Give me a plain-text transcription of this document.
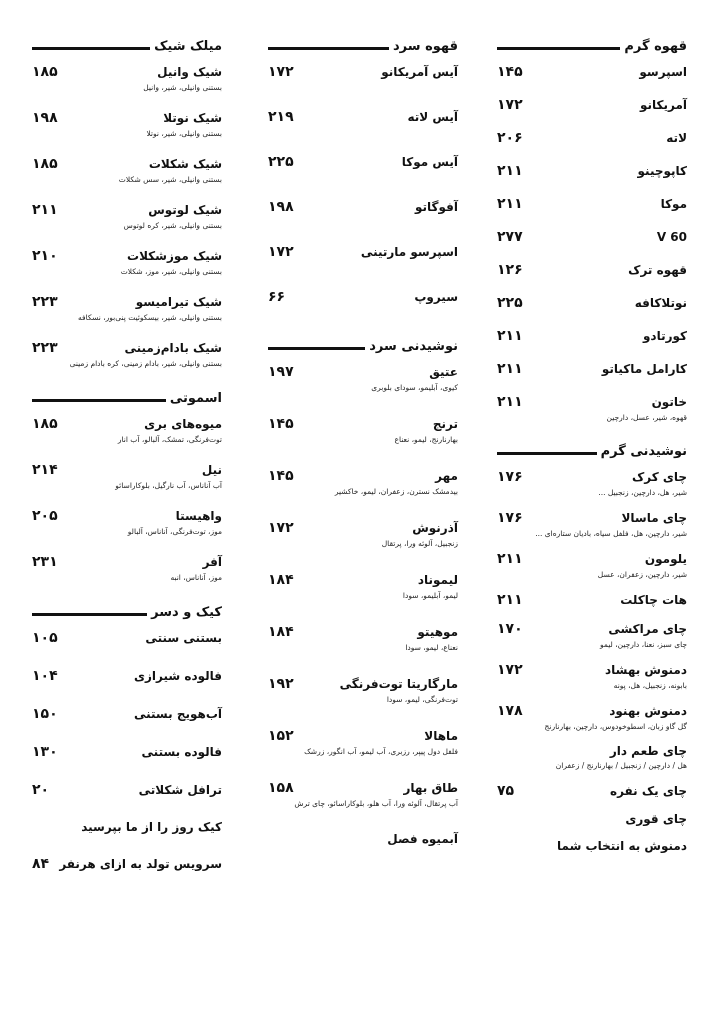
قهوه گرم
اسپرسو
۱۴۵
آمریکانو
۱۷۲
لاته
۲۰۶
کاپوچینو
۲۱۱
موکا
۲۱۱
V 60
۲۷۷
قهوه ترک
۱۲۶
نوتلاکافه
۲۲۵
کورتادو
۲۱۱
کارامل ماکیاتو
۲۱۱
خاتون
۲۱۱
قهوه، شیر، عسل، دارچین
نوشیدنی گرم
چای کرک
۱۷۶
شیر، هل، دارچین، زنجبیل ...
چای ماسالا
۱۷۶
شیر، دارچین، هل، فلفل سیاه، بادیان ستاره‌ای ...
یلومون
۲۱۱
شیر، دارچین، زعفران، عسل
هات چاکلت
۲۱۱
چای مراکشی
۱۷۰
چای سبز، نعنا، دارچین، لیمو
دمنوش بهشاد
۱۷۲
بابونه، زنجبیل، هل، پونه
دمنوش بهنود
۱۷۸
گل گاو زبان، اسطوخودوس، دارچین، بهارنارنج
چای طعم دار
هل / دارچین / زنجبیل / بهارنارنج / زعفران
چای یک نفره
۷۵
چای قوری
دمنوش به انتخاب شما
قهوه سرد
آیس آمریکانو
۱۷۲
آیس لاته
۲۱۹
آیس موکا
۲۲۵
آفوگاتو
۱۹۸
اسپرسو مارتینی
۱۷۲
سیروپ
۶۶
نوشیدنی سرد
عتیق
۱۹۷
کیوی، آبلیمو، سودای بلوبری
ترنج
۱۴۵
بهارنارنج، لیمو، نعناع
مهر
۱۴۵
بیدمشک نسترن، زعفران، لیمو، خاکشیر
آذرنوش
۱۷۲
زنجبیل، آلوئه ورا، پرتقال
لیموناد
۱۸۴
لیمو، آبلیمو، سودا
موهیتو
۱۸۴
نعناع، لیمو، سودا
مارگاریتا توت‌فرنگی
۱۹۲
توت‌فرنگی، لیمو، سودا
ماهالا
۱۵۲
فلفل دول پیپر، رزبری، آب لیمو، آب انگور، زرشک
طاق بهار
۱۵۸
آب پرتقال، آلوئه ورا، آب هلو، بلوکاراسائو، چای ترش
آبمیوه فصل
میلک شیک
شیک وانیل
۱۸۵
بستنی وانیلی، شیر، وانیل
شیک نوتلا
۱۹۸
بستنی وانیلی، شیر، نوتلا
شیک شکلات
۱۸۵
بستنی وانیلی، شیر، سس شکلات
شیک لوتوس
۲۱۱
بستنی وانیلی، شیر، کره لوتوس
شیک موزشکلات
۲۱۰
بستنی وانیلی، شیر، موز، شکلات
شیک تیرامیسو
۲۲۳
بستنی وانیلی، شیر، بیسکوئیت پنی‌بور، نسکافه
شیک بادام‌زمینی
۲۲۳
بستنی وانیلی، شیر، بادام زمینی، کره بادام زمینی
اسموتی
میوه‌های بری
۱۸۵
توت‌فرنگی، تمشک، آلبالو، آب انار
نیل
۲۱۴
آب آناناس، آب نارگیل، بلوکاراسائو
واهیستا
۲۰۵
موز، توت‌فرنگی، آناناس، آلبالو
آفر
۲۳۱
موز، آناناس، انبه
کیک و دسر
بستنی سنتی
۱۰۵
فالوده شیرازی
۱۰۴
آب‌هویج بستنی
۱۵۰
فالوده بستنی
۱۳۰
ترافل شکلاتی
۲۰
کیک روز را از ما بپرسید
سرویس تولد به ازای هرنفر
۸۴
